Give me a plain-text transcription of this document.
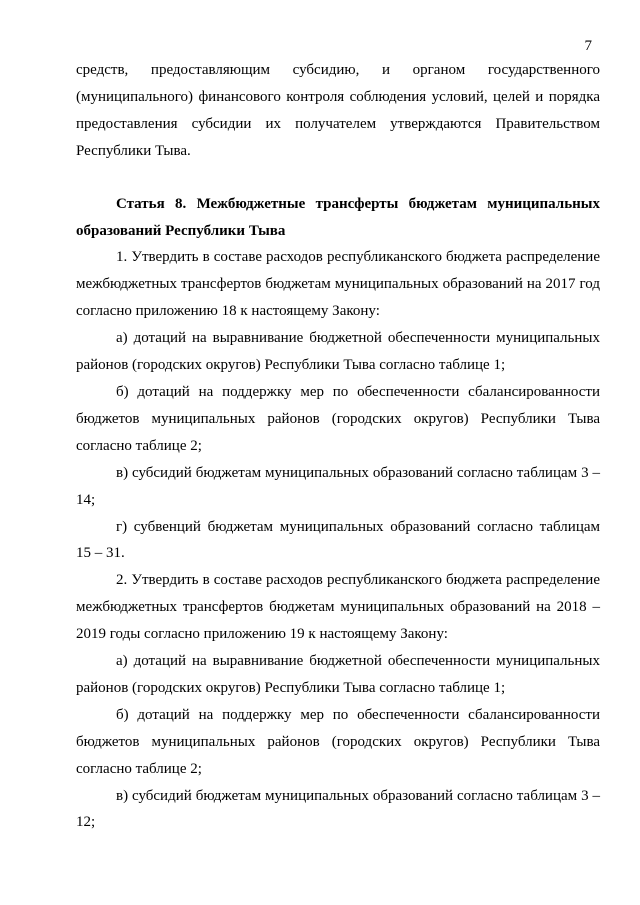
7

средств, предоставляющим субсидию, и органом государственного (муниципального) финансового контроля соблюдения условий, целей и порядка предоставления субсидии их получателем утверждаются Правительством Республики Тыва.

Статья 8. Межбюджетные трансферты бюджетам муниципальных образований Республики Тыва

1. Утвердить в составе расходов республиканского бюджета распределение межбюджетных трансфертов бюджетам муниципальных образований на 2017 год согласно приложению 18 к настоящему Закону:

а) дотаций на выравнивание бюджетной обеспеченности муниципальных районов (городских округов) Республики Тыва согласно таблице 1;

б) дотаций на поддержку мер по обеспеченности сбалансированности бюджетов муниципальных районов (городских округов) Республики Тыва согласно таблице 2;

в) субсидий бюджетам муниципальных образований согласно таблицам 3 – 14;

г) субвенций бюджетам муниципальных образований согласно таблицам 15 – 31.

2. Утвердить в составе расходов республиканского бюджета распределение межбюджетных трансфертов бюджетам муниципальных образований на 2018 – 2019 годы согласно приложению 19 к настоящему Закону:

а) дотаций на выравнивание бюджетной обеспеченности муниципальных районов (городских округов) Республики Тыва согласно таблице 1;

б) дотаций на поддержку мер по обеспеченности сбалансированности бюджетов муниципальных районов (городских округов) Республики Тыва согласно таблице 2;

в) субсидий бюджетам муниципальных образований согласно таблицам 3 – 12;
